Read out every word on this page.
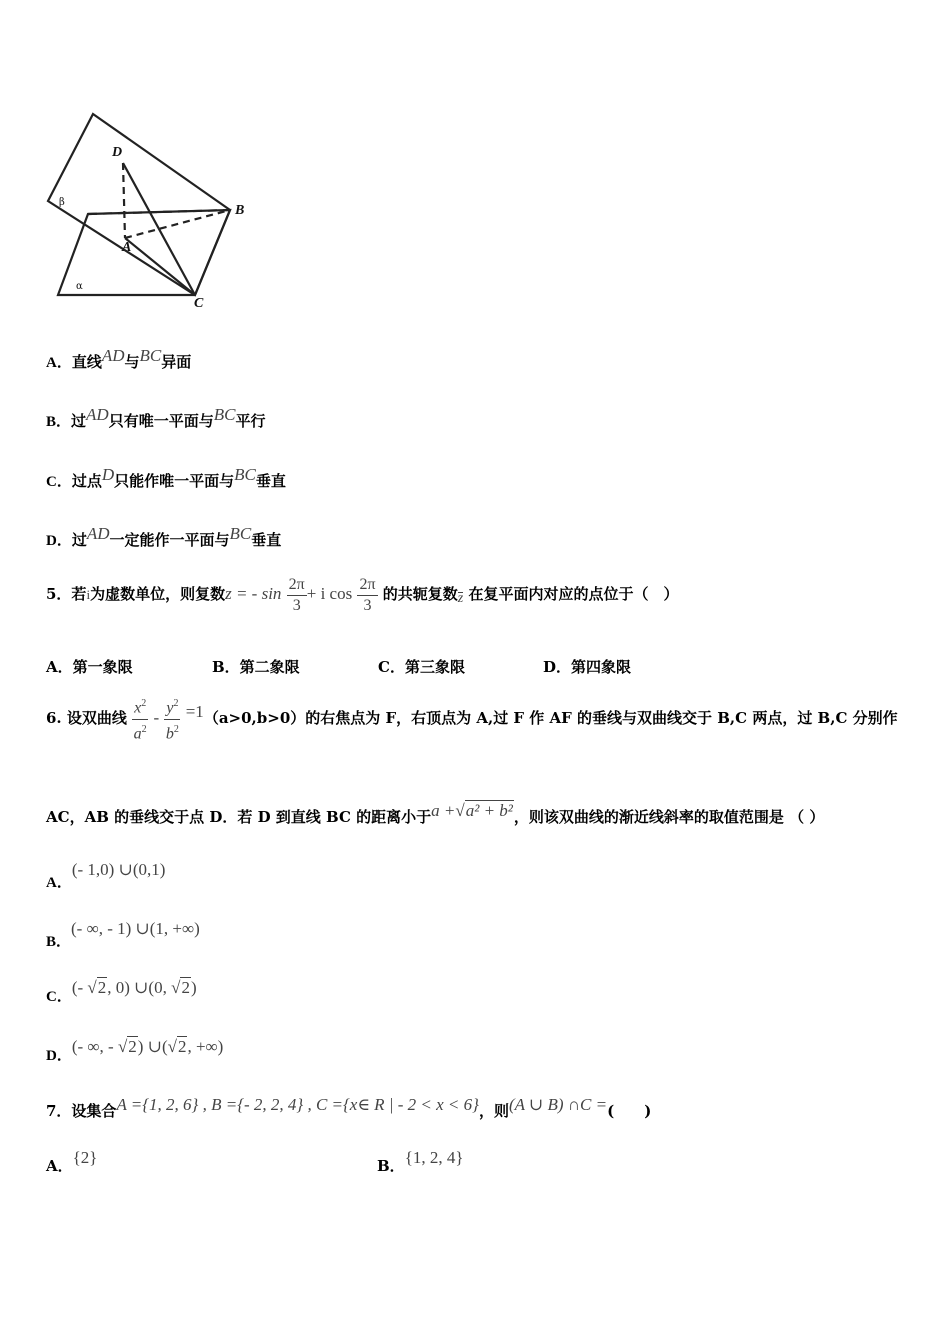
D
B
A
C
β
α
A．直线AD与BC异面
B．过AD只有唯一平面与BC平行
C．过点D只能作唯一平面与BC垂直
D．过AD一定能作一平面与BC垂直
5．若i为虚数单位，则复数z = - $\sin \frac{2\pi}{3} + i$ $\cos \frac{2\pi}{3}$ 的共轭复数z 在复平面内对应的点位于（　）
A．第一象限	B．第二象限	C．第三象限	D．第四象限
6. 设双曲线 $\frac{x^2}{a^2} - \frac{y^2}{b^2} =1(a>0,b>0)$的右焦点为 F，右顶点为 A,过 F 作 AF 的垂线与双曲线交于 B,C 两点，过 B,C 分别作
AC，AB 的垂线交于点 D．若 D 到直线 BC 的距离小于a +√a² + b²，则该双曲线的渐近线斜率的取值范围是 （ ）
A．(- 1,0) ∪(0,1)
B．(- ∞, - 1) ∪(1, +∞)
C．(- √2, 0) ∪(0, √2)
D．(- ∞, - √2) ∪(√2, +∞)
7．设集合A ={1, 2, 6} , B ={- 2, 2, 4} , C ={x∈ R | - 2 < x < 6}，则(A ∪ B) ∩C =(　　)
A．{2}	B．{1, 2, 4}
